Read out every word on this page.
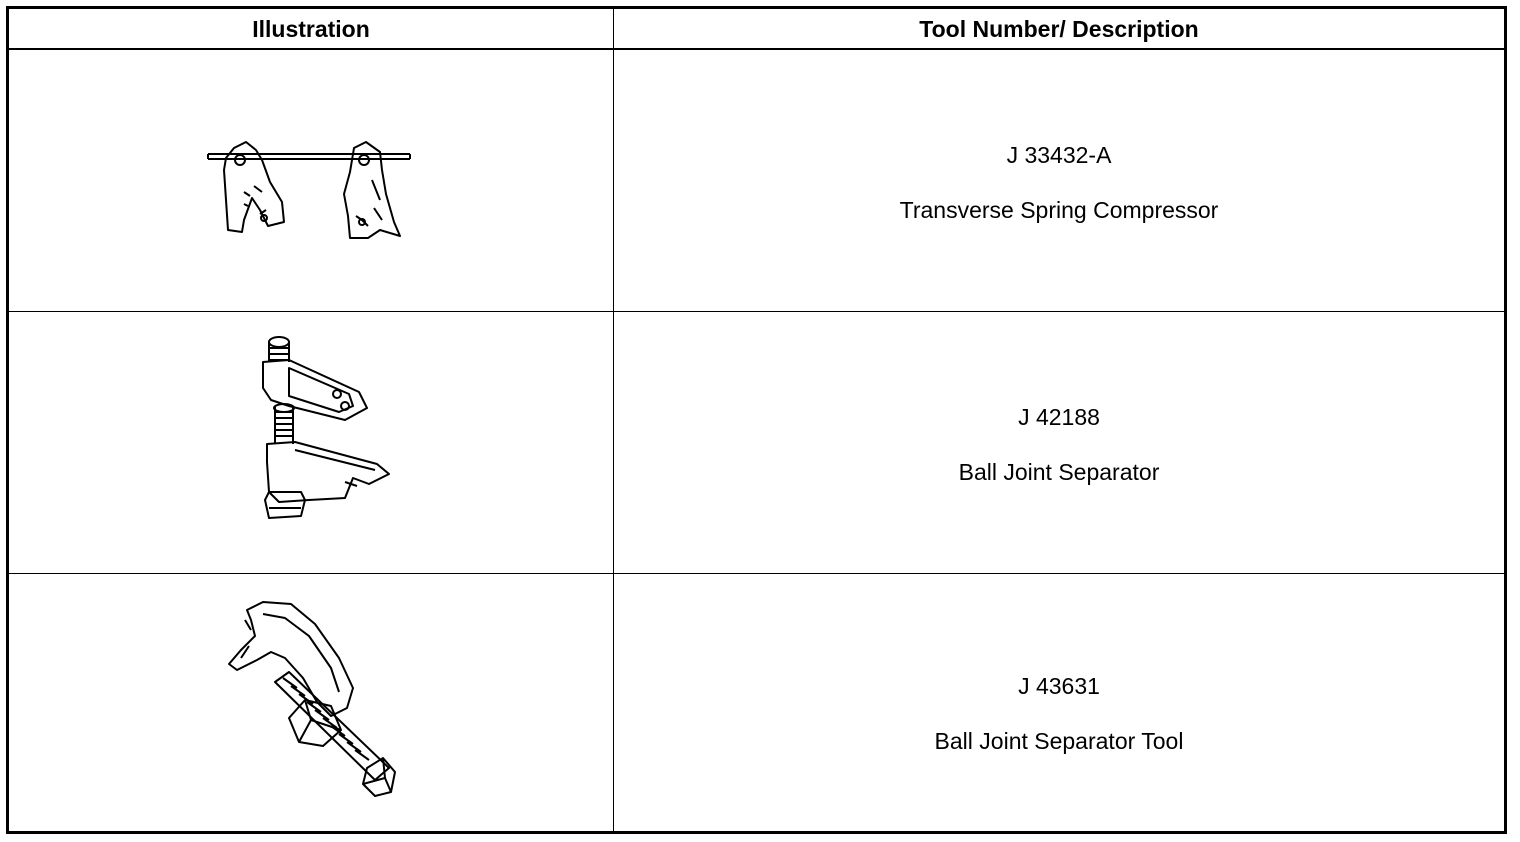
Illustration	Tool Number/ Description
J 33432-A
Transverse Spring Compressor
J 42188
Ball Joint Separator
J 43631
Ball Joint Separator Tool
